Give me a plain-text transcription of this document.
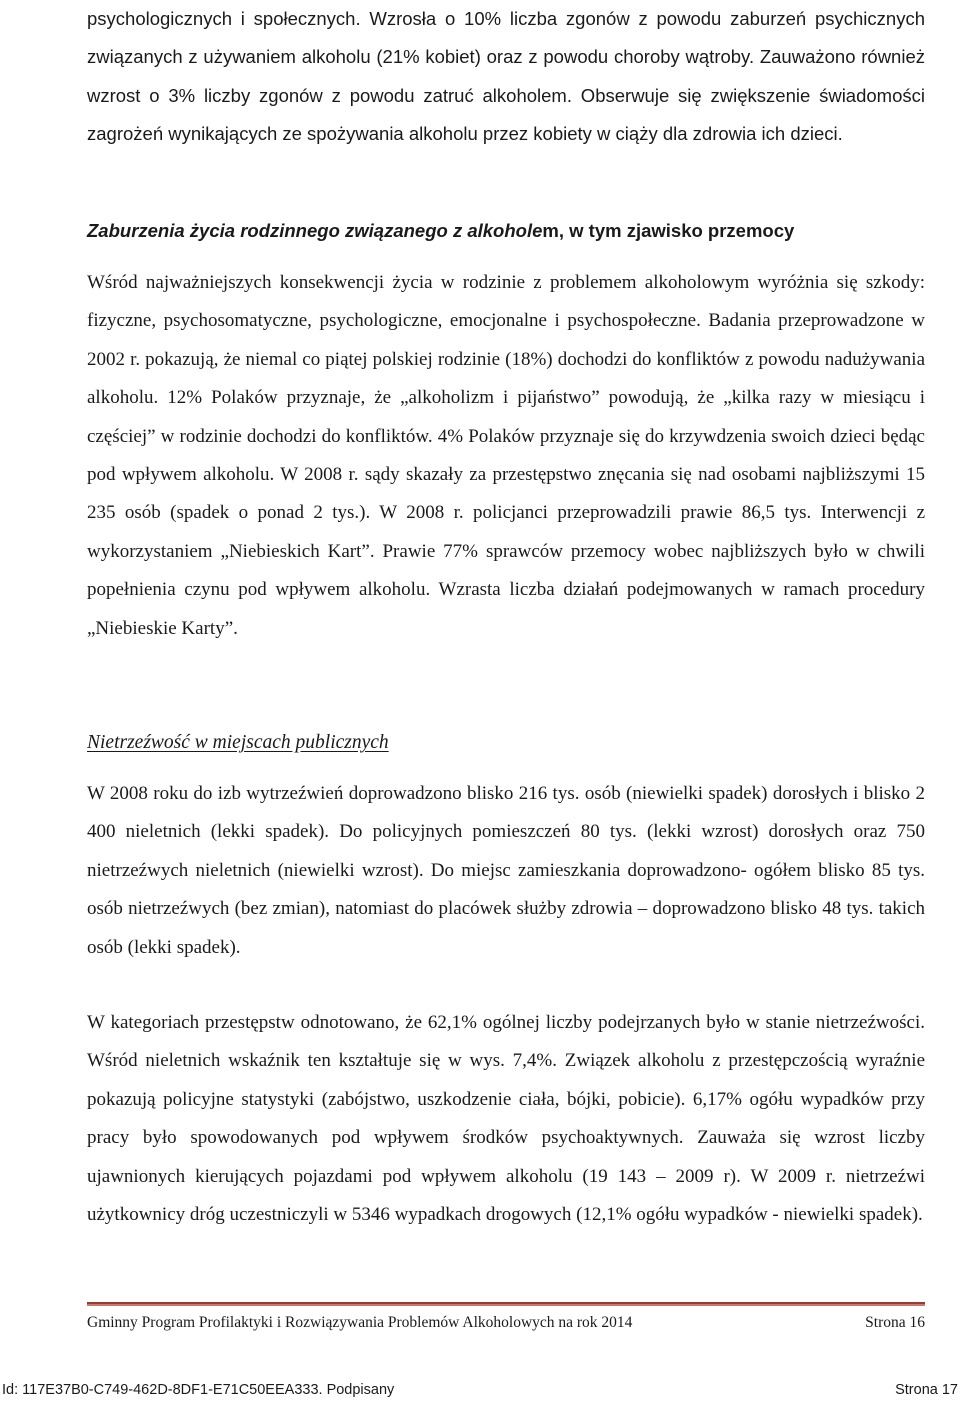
psychologicznych i społecznych. Wzrosła o 10% liczba zgonów z powodu zaburzeń psychicznych związanych z używaniem alkoholu (21% kobiet) oraz z powodu choroby wątroby. Zauważono również wzrost o 3% liczby zgonów z powodu zatruć alkoholem. Obserwuje się zwiększenie świadomości zagrożeń wynikających ze spożywania alkoholu przez kobiety w ciąży dla zdrowia ich dzieci.

Zaburzenia życia rodzinnego związanego z alkoholem, w tym zjawisko przemocy

Wśród najważniejszych konsekwencji życia w rodzinie z problemem alkoholowym wyróżnia się szkody: fizyczne, psychosomatyczne, psychologiczne, emocjonalne i psychospołeczne. Badania przeprowadzone w 2002 r. pokazują, że niemal co piątej polskiej rodzinie (18%) dochodzi do konfliktów z powodu nadużywania alkoholu. 12% Polaków przyznaje, że „alkoholizm i pijaństwo” powodują, że „kilka razy w miesiącu i częściej” w rodzinie dochodzi do konfliktów. 4% Polaków przyznaje się do krzywdzenia swoich dzieci będąc pod wpływem alkoholu. W 2008 r. sądy skazały za przestępstwo znęcania się nad osobami najbliższymi 15 235 osób (spadek o ponad 2 tys.). W 2008 r. policjanci przeprowadzili prawie 86,5 tys. Interwencji z wykorzystaniem „Niebieskich Kart”. Prawie 77% sprawców przemocy wobec najbliższych było w chwili popełnienia czynu pod wpływem alkoholu. Wzrasta liczba działań podejmowanych w ramach procedury „Niebieskie Karty”.

Nietrzeźwość w miejscach publicznych

W 2008 roku do izb wytrzeźwień doprowadzono blisko 216 tys. osób (niewielki spadek) dorosłych i blisko 2 400 nieletnich (lekki spadek). Do policyjnych pomieszczeń 80 tys. (lekki wzrost) dorosłych oraz 750 nietrzeźwych nieletnich (niewielki wzrost). Do miejsc zamieszkania doprowadzono- ogółem blisko 85 tys. osób nietrzeźwych (bez zmian), natomiast do placówek służby zdrowia – doprowadzono blisko 48 tys. takich osób (lekki spadek).

W kategoriach przestępstw odnotowano, że 62,1% ogólnej liczby podejrzanych było w stanie nietrzeźwości. Wśród nieletnich wskaźnik ten kształtuje się w wys. 7,4%. Związek alkoholu z przestępczością wyraźnie pokazują policyjne statystyki (zabójstwo, uszkodzenie ciała, bójki, pobicie). 6,17% ogółu wypadków przy pracy było spowodowanych pod wpływem środków psychoaktywnych. Zauważa się wzrost liczby ujawnionych kierujących pojazdami pod wpływem alkoholu (19 143 – 2009 r). W 2009 r. nietrzeźwi użytkownicy dróg uczestniczyli w 5346 wypadkach drogowych (12,1% ogółu wypadków - niewielki spadek).

Gminny Program Profilaktyki i Rozwiązywania Problemów Alkoholowych na rok 2014	Strona 16
Id: 117E37B0-C749-462D-8DF1-E71C50EEA333. Podpisany	Strona 17
